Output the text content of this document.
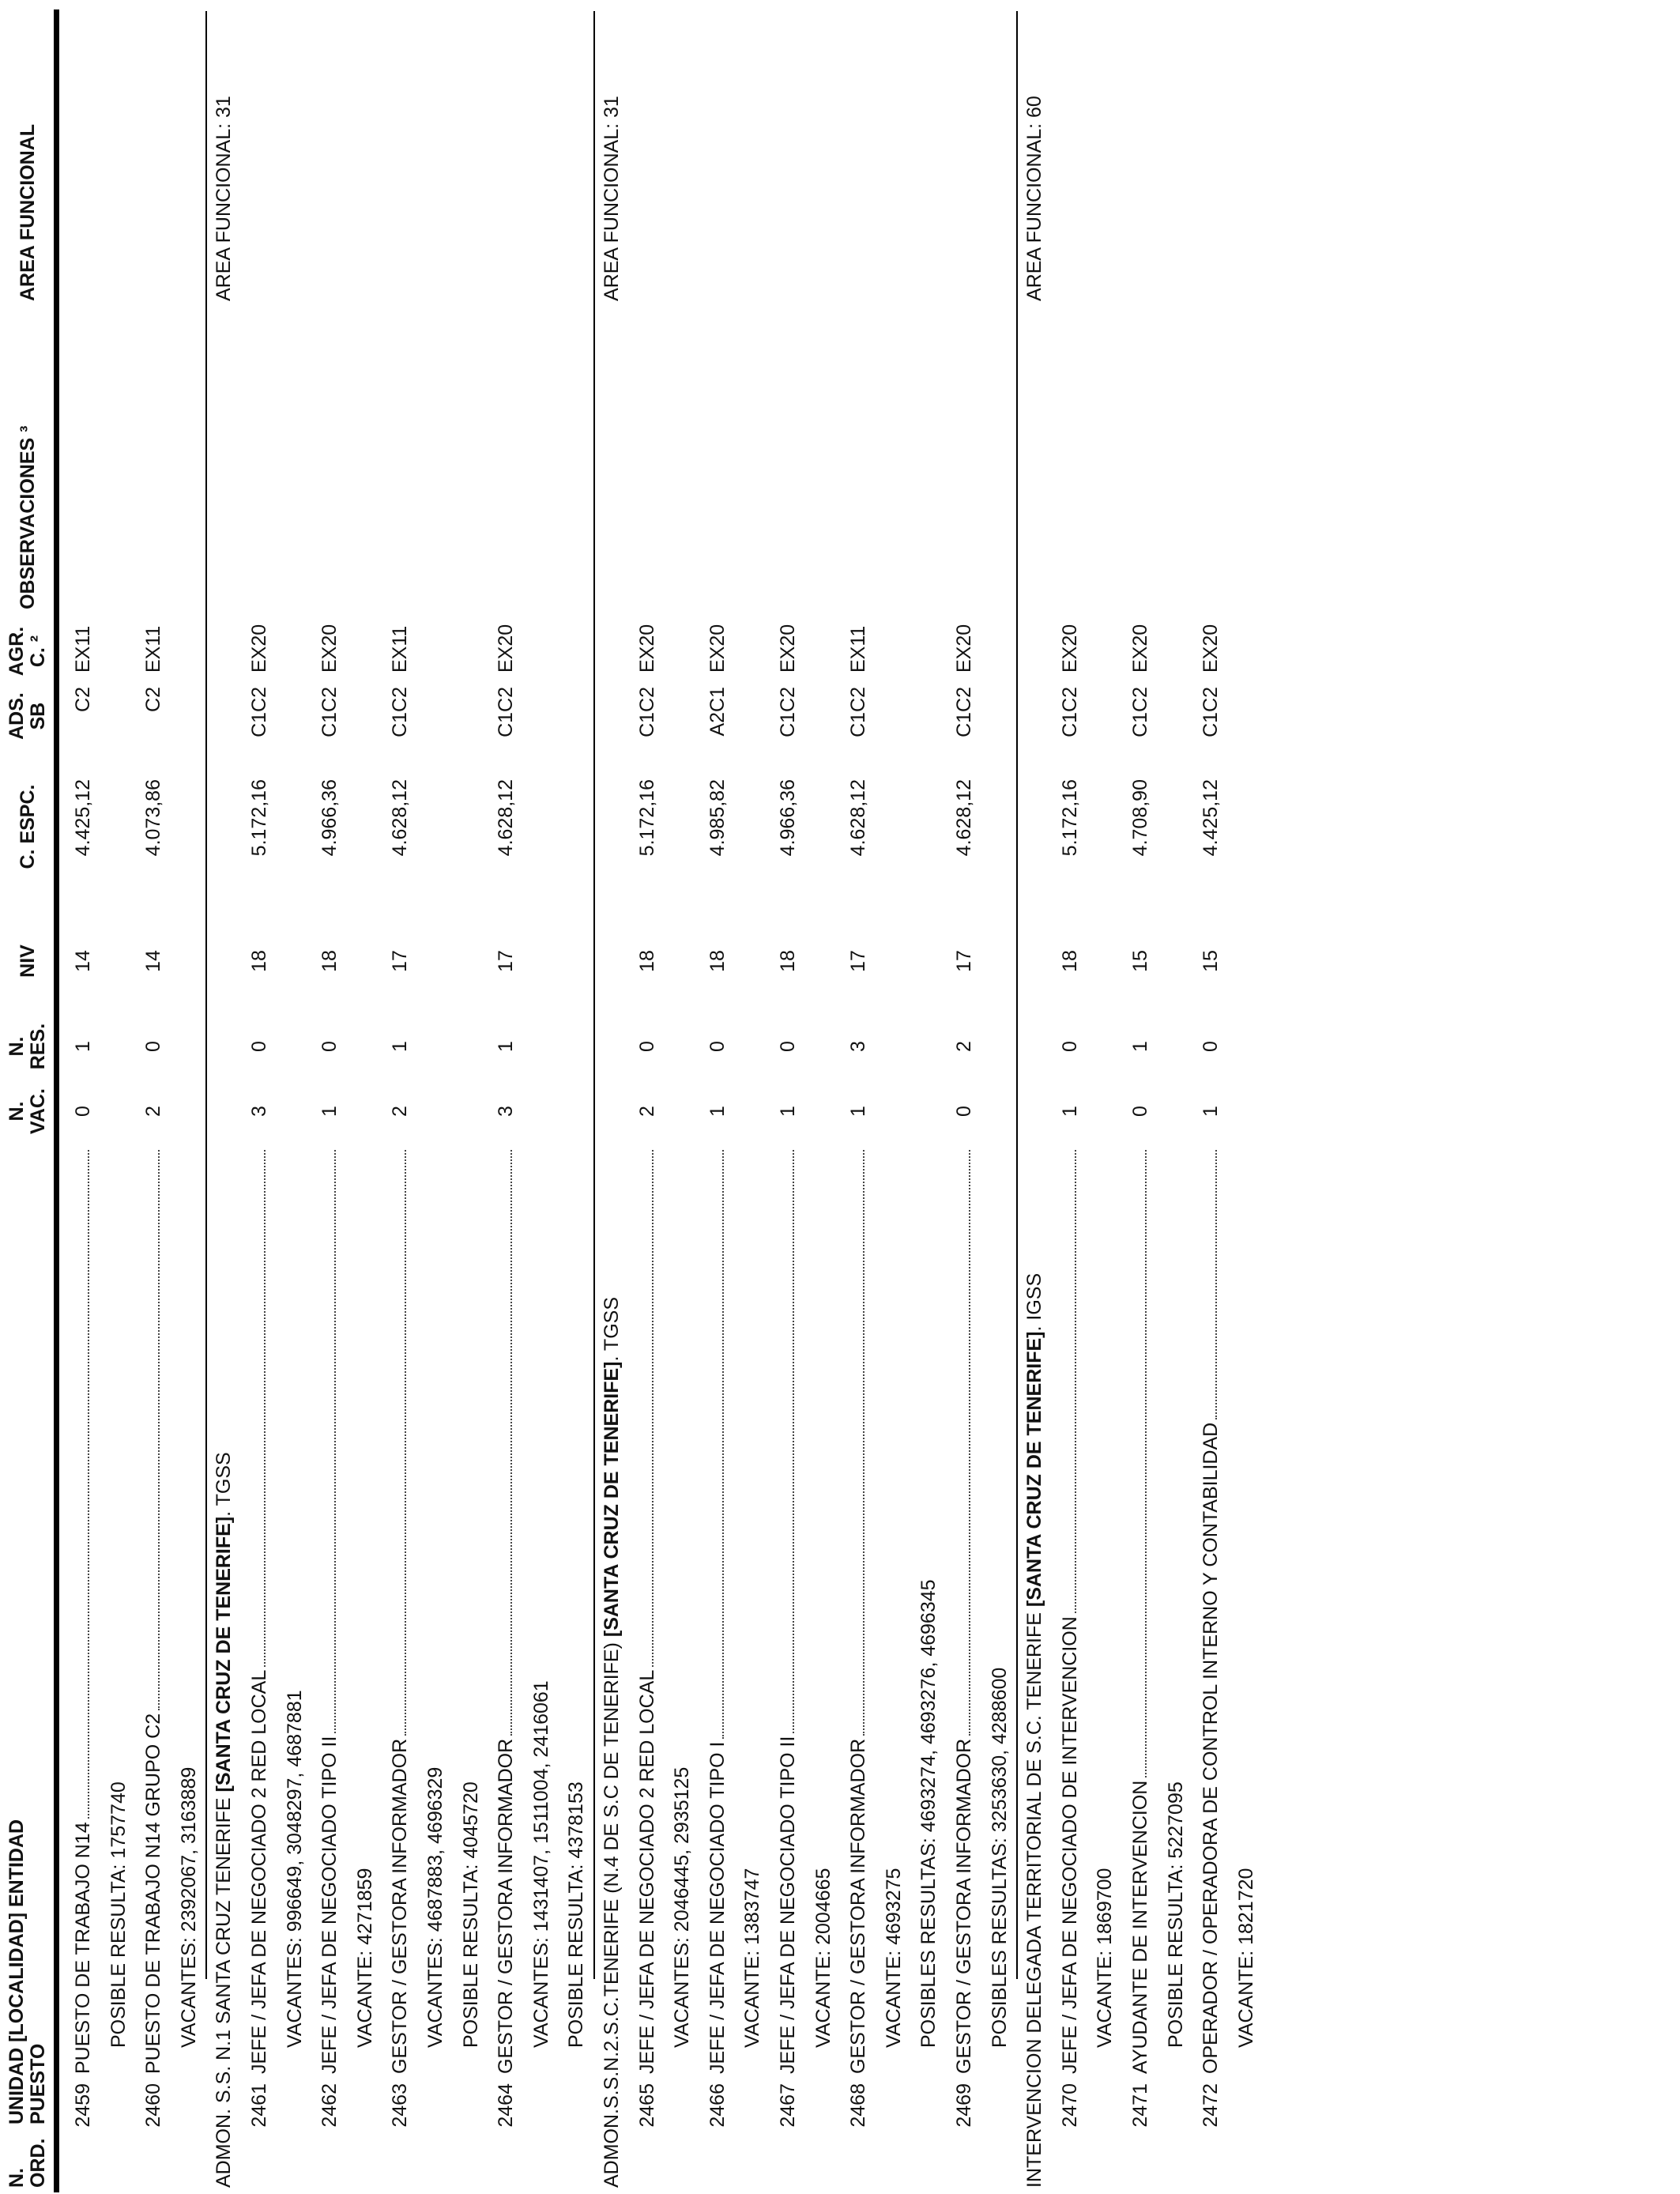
N. ORD.
UNIDAD [LOCALIDAD] ENTIDAD PUESTO
N. VAC.
N. RES.
NIV
C. ESPC.
ADS. SB
AGR. C. ²
OBSERVACIONES ³
AREA FUNCIONAL
2459
PUESTO DE TRABAJO N14
0
1
14
4.425,12
C2
EX11
POSIBLE RESULTA: 1757740
2460
PUESTO DE TRABAJO N14 GRUPO C2
2
0
14
4.073,86
C2
EX11
VACANTES: 2392067, 3163889 ADMON. S.S. N.1 SANTA CRUZ TENERIFE [SANTA CRUZ DE TENERIFE]. TGSS
AREA FUNCIONAL: 31
2461
JEFE / JEFA DE NEGOCIADO 2 RED LOCAL
3
0
18
5.172,16
C1C2
EX20
VACANTES: 996649, 3048297, 4687881
2462
JEFE / JEFA DE NEGOCIADO TIPO II
1
0
18
4.966,36
C1C2
EX20
VACANTE: 4271859
2463
GESTOR / GESTORA INFORMADOR
2
1
17
4.628,12
C1C2
EX11
VACANTES: 4687883, 4696329 POSIBLE RESULTA: 4045720
2464
GESTOR / GESTORA INFORMADOR
3
1
17
4.628,12
C1C2
EX20
VACANTES: 1431407, 1511004, 2416061 POSIBLE RESULTA: 4378153 ADMON.S.S.N.2.S.C.TENERIFE (N.4 DE S.C DE TENERIFE) [SANTA CRUZ DE TENERIFE]. TGSS
AREA FUNCIONAL: 31
2465
JEFE / JEFA DE NEGOCIADO 2 RED LOCAL
2
0
18
5.172,16
C1C2
EX20
VACANTES: 2046445, 2935125
2466
JEFE / JEFA DE NEGOCIADO TIPO I
1
0
18
4.985,82
A2C1
EX20
VACANTE: 1383747
2467
JEFE / JEFA DE NEGOCIADO TIPO II
1
0
18
4.966,36
C1C2
EX20
VACANTE: 2004665
2468
GESTOR / GESTORA INFORMADOR
1
3
17
4.628,12
C1C2
EX11
VACANTE: 4693275 POSIBLES RESULTAS: 4693274, 4693276, 4696345
2469
GESTOR / GESTORA INFORMADOR
0
2
17
4.628,12
C1C2
EX20
POSIBLES RESULTAS: 3253630, 4288600 INTERVENCION DELEGADA TERRITORIAL DE S.C. TENERIFE [SANTA CRUZ DE TENERIFE]. IGSS
AREA FUNCIONAL: 60
2470
JEFE / JEFA DE NEGOCIADO DE INTERVENCION
1
0
18
5.172,16
C1C2
EX20
VACANTE: 1869700
2471
AYUDANTE DE INTERVENCION
0
1
15
4.708,90
C1C2
EX20
POSIBLE RESULTA: 5227095
2472
OPERADOR / OPERADORA DE CONTROL INTERNO Y CONTABILIDAD
1
0
15
4.425,12
C1C2
EX20
VACANTE: 1821720
